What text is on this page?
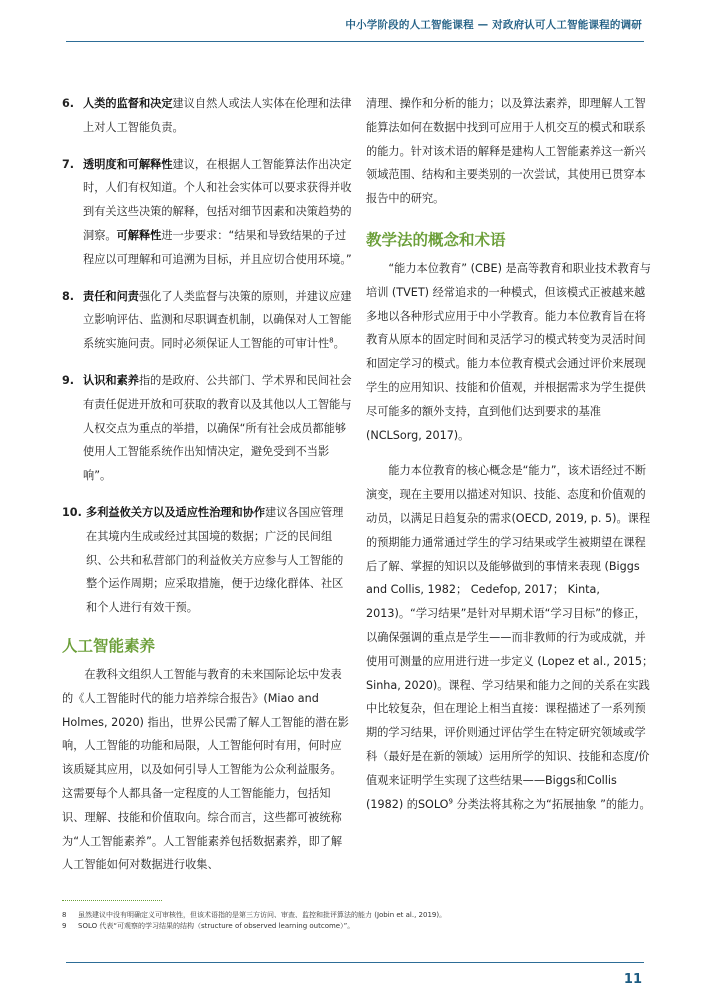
中小学阶段的人工智能课程 — 对政府认可人工智能课程的调研
6. 人类的监督和决定建议自然人或法人实体在伦理和法律上对人工智能负责。
7. 透明度和可解释性建议，在根据人工智能算法作出决定时，人们有权知道。个人和社会实体可以要求获得并收到有关这些决策的解释，包括对细节因素和决策趋势的洞察。可解释性进一步要求：“结果和导致结果的子过程应以可理解和可追溯为目标，并且应切合使用环境。”
8. 责任和问责强化了人类监督与决策的原则，并建议应建立影响评估、监测和尽职调查机制，以确保对人工智能系统实施问责。同时必须保证人工智能的可审计性$^8$。
9. 认识和素养指的是政府、公共部门、学术界和民间社会有责任促进开放和可获取的教育以及其他以人工智能与人权交点为重点的举措，以确保“所有社会成员都能够使用人工智能系统作出知情决定，避免受到不当影响”。
10. 多利益攸关方以及适应性治理和协作建议各国应管理在其境内生成或经过其国境的数据；广泛的民间组织、公共和私营部门的利益攸关方应参与人工智能的整个运作周期；应采取措施，便于边缘化群体、社区和个人进行有效干预。
人工智能素养

在教科文组织人工智能与教育的未来国际论坛中发表的《人工智能时代的能力培养综合报告》(Miao and Holmes, 2020) 指出，世界公民需了解人工智能的潜在影响，人工智能的功能和局限，人工智能何时有用，何时应该质疑其应用，以及如何引导人工智能为公众利益服务。这需要每个人都具备一定程度的人工智能能力，包括知识、理解、技能和价值取向。综合而言，这些都可被统称为“人工智能素养”。人工智能素养包括数据素养，即了解人工智能如何对数据进行收集、

清理、操作和分析的能力；以及算法素养，即理解人工智能算法如何在数据中找到可应用于人机交互的模式和联系的能力。针对该术语的解释是建构人工智能素养这一新兴领域范围、结构和主要类别的一次尝试，其使用已贯穿本报告中的研究。

教学法的概念和术语

“能力本位教育” (CBE) 是高等教育和职业技术教育与培训 (TVET) 经常追求的一种模式，但该模式正被越来越多地以各种形式应用于中小学教育。能力本位教育旨在将教育从原本的固定时间和灵活学习的模式转变为灵活时间和固定学习的模式。能力本位教育模式会通过评价来展现学生的应用知识、技能和价值观，并根据需求为学生提供尽可能多的额外支持，直到他们达到要求的基准 (NCLSorg, 2017)。

能力本位教育的核心概念是“能力”，该术语经过不断演变，现在主要用以描述对知识、技能、态度和价值观的动员，以满足日趋复杂的需求(OECD, 2019, p. 5)。课程的预期能力通常通过学生的学习结果或学生被期望在课程后了解、掌握的知识以及能够做到的事情来表现 (Biggs and Collis, 1982； Cedefop, 2017； Kinta, 2013)。“学习结果”是针对早期术语“学习目标”的修正，以确保强调的重点是学生——而非教师的行为或成就，并使用可测量的应用进行进一步定义 (Lopez et al., 2015； Sinha, 2020)。课程、学习结果和能力之间的关系在实践中比较复杂，但在理论上相当直接：课程描述了一系列预期的学习结果，评价则通过评估学生在特定研究领域或学科（最好是在新的领域）运用所学的知识、技能和态度/价值观来证明学生实现了这些结果——Biggs和Collis (1982) 的SOLO$^9$ 分类法将其称之为“拓展抽象 ”的能力。

8	虽然建议中没有明确定义可审核性，但该术语指的是第三方访问、审查、监控和批评算法的能力 (Jobin et al., 2019)。
9	SOLO 代表“可观察的学习结果的结构（structure of observed learning outcome）”。
11
